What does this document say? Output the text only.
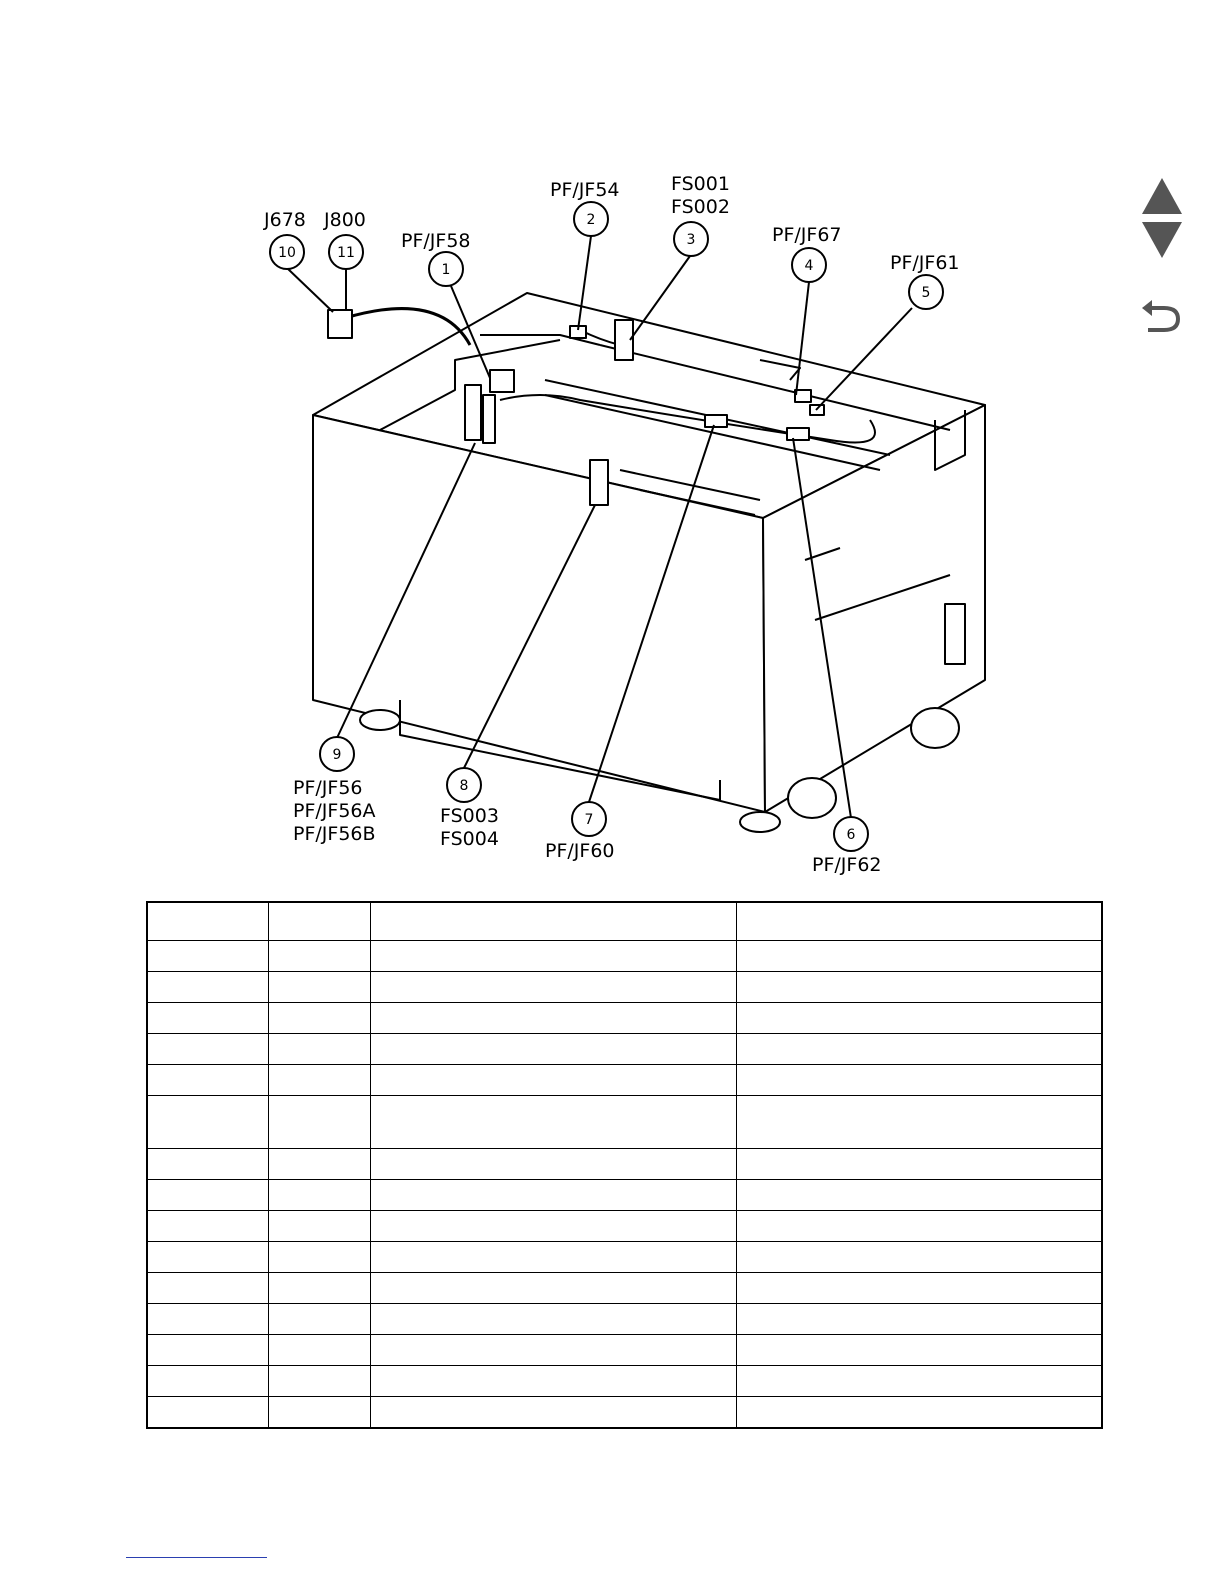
1
PF/JF58
2
PF/JF54
3
FS001
FS002
4
PF/JF67
5
PF/JF61
6
PF/JF62
7
PF/JF60
8
FS003
FS004
9
PF/JF56
PF/JF56A
PF/JF56B
10
J678
11
J800
